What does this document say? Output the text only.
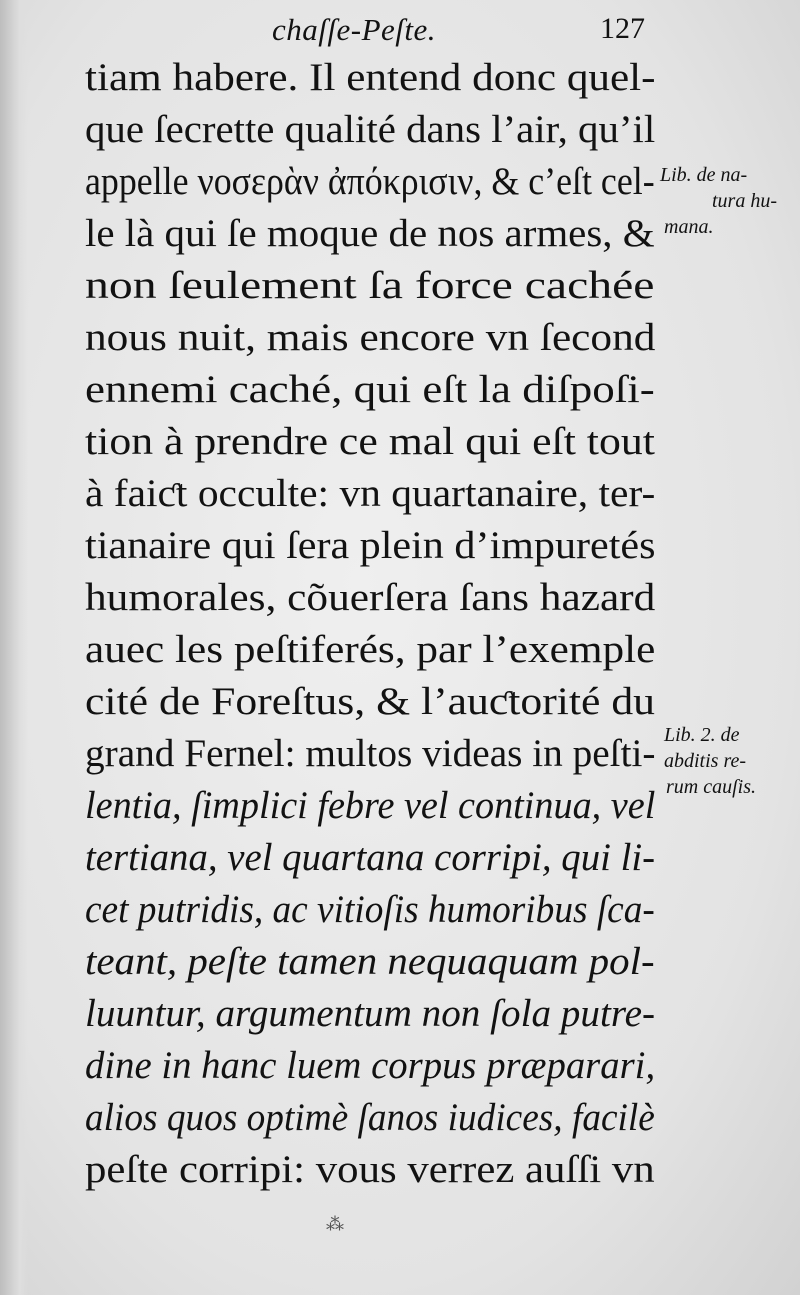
chaſſe-Peſte.	127
tiam habere. Il entend donc quel-
que ſecrette qualité dans l’air, qu’il
appelle νοσερὰν ἀπόκρισιν, & c’eſt cel-
le là qui ſe moque de nos armes, &
non ſeulement ſa force cachée
nous nuit, mais encore vn ſecond
ennemi caché, qui eſt la diſpoſi-
tion à prendre ce mal qui eſt tout
à faiƈt occulte: vn quartanaire, ter-
tianaire qui ſera plein d’impuretés
humorales, cõuerſera ſans hazard
auec les peſtiferés, par l’exemple
cité de Foreſtus, & l’auƈtorité du
grand Fernel: multos videas in peſti-
lentia, ſimplici febre vel continua, vel
tertiana, vel quartana corripi, qui li-
cet putridis, ac vitioſis humoribus ſca-
teant, peſte tamen nequaquam pol-
luuntur, argumentum non ſola putre-
dine in hanc luem corpus præparari,
alios quos optimè ſanos iudices, facilè
peſte corripi: vous verrez auſſi vn
Lib. de na-
tura hu-
mana.
Lib. 2. de
abditis re-
rum cauſis.
⁂
